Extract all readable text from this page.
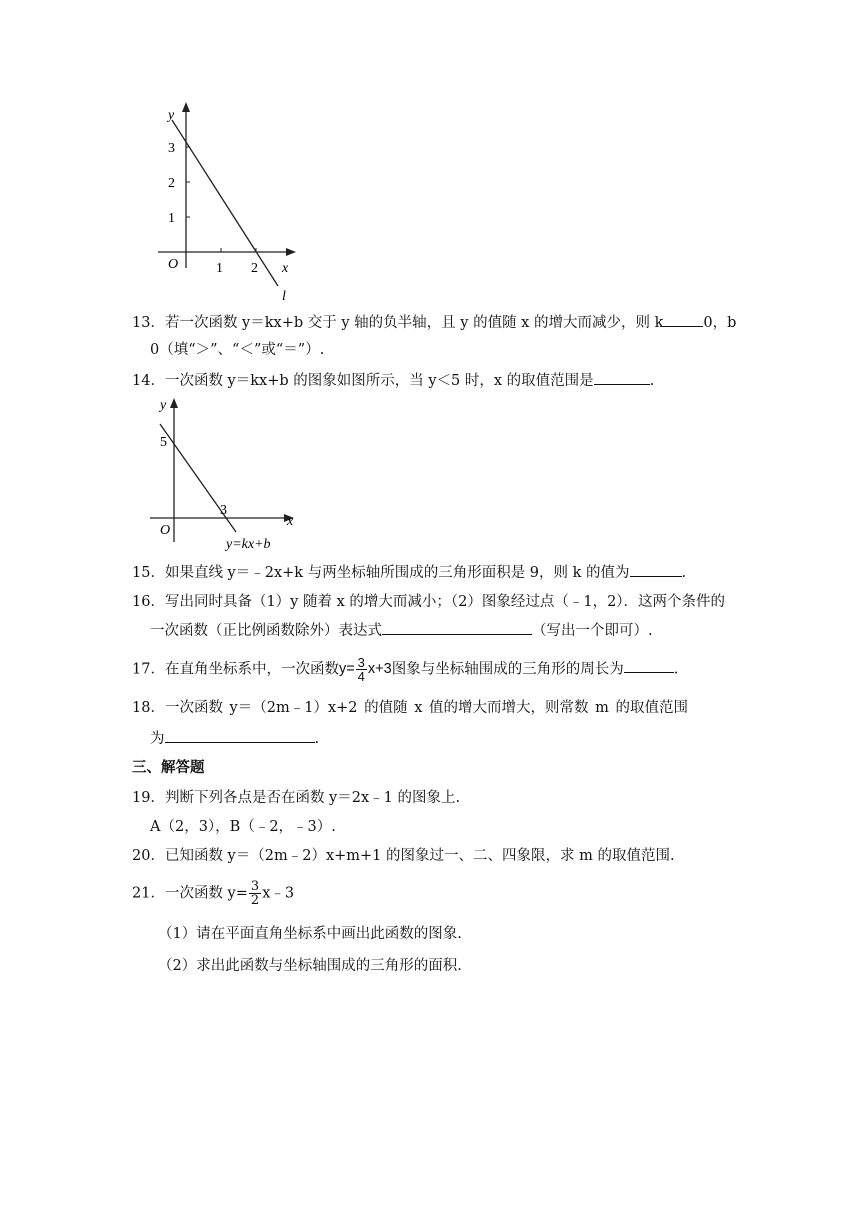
y
x
O
3
2
1
1 2
l
13．若一次函数 y＝kx+b 交于 y 轴的负半轴，且 y 的值随 x 的增大而减少，则 k	0，b
0（填“＞”、“＜”或“＝”）.
14．一次函数 y＝kx+b 的图象如图所示，当 y＜5 时，x 的取值范围是	.
y
x
O
5
3
y=kx+b
15．如果直线 y＝﹣2x+k 与两坐标轴所围成的三角形面积是 9，则 k 的值为	.
16．写出同时具备（1）y 随着 x 的增大而减小；（2）图象经过点（﹣1，2）．这两个条件的
一次函数（正比例函数除外）表达式	（写出一个即可）.
17．在直角坐标系中，一次函数$y= \frac{3}{4} x+3$图象与坐标轴围成的三角形的周长为	.
18．一次函数 y＝（2m﹣1）x+2 的值随 x 值的增大而增大，则常数 m 的取值范围
为	.
三、解答题
19．判断下列各点是否在函数 y＝2x﹣1 的图象上.
A（2，3），B（﹣2，﹣3）.
20．已知函数 y＝（2m﹣2）x+m+1 的图象过一、二、四象限，求 m 的取值范围.
21．一次函数 $y= \frac{3}{2}$ x﹣3
（1）请在平面直角坐标系中画出此函数的图象.
（2）求出此函数与坐标轴围成的三角形的面积.
